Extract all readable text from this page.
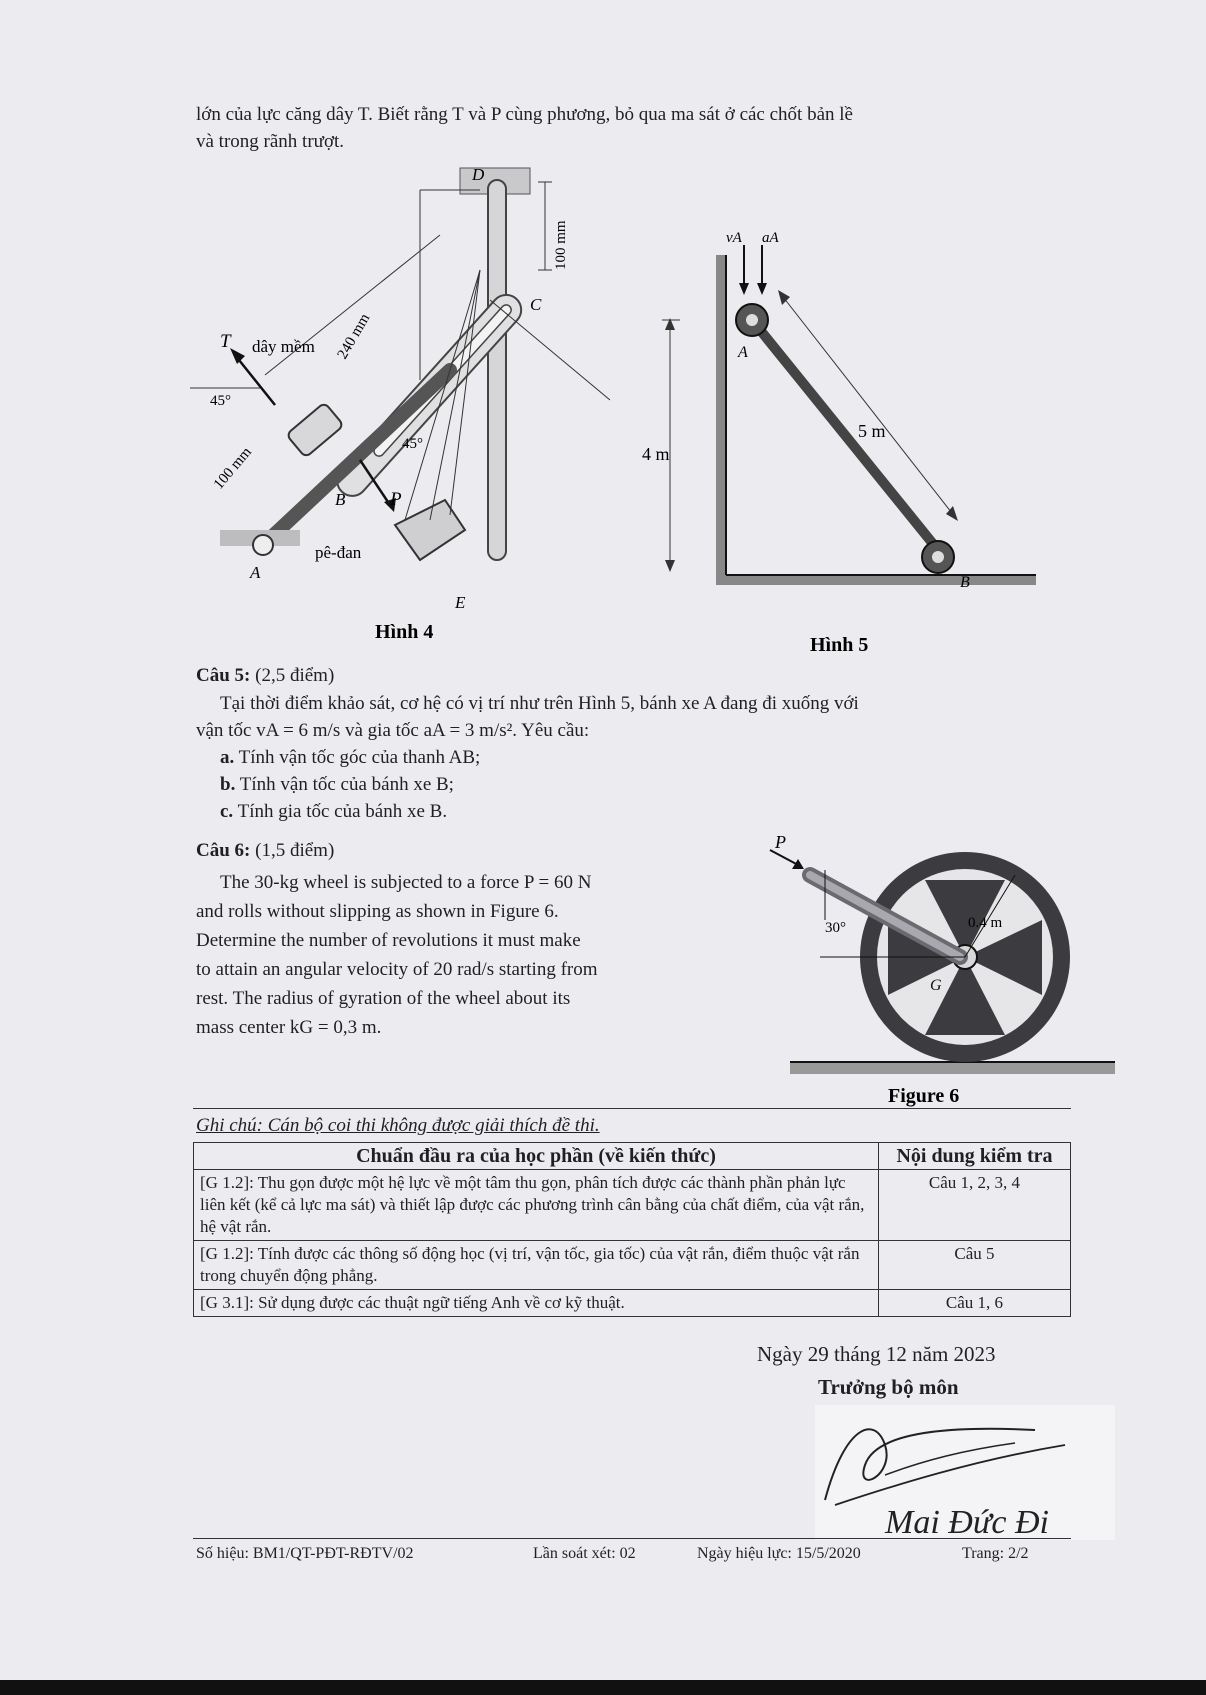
lớn của lực căng dây T. Biết rằng T và P cùng phương, bỏ qua ma sát ở các chốt bản lề
và trong rãnh trượt.
D
C
B
A
E
T dây mềm
45°
45°
P
pê-đan
240 mm
100 mm
100 mm
Hình 4
vA aA
A
B
4 m
5 m
Hình 5
Câu 5: (2,5 điểm)
Tại thời điểm khảo sát, cơ hệ có vị trí như trên Hình 5, bánh xe A đang đi xuống với
vận tốc vA = 6 m/s và gia tốc aA = 3 m/s². Yêu cầu:
a. Tính vận tốc góc của thanh AB;
b. Tính vận tốc của bánh xe B;
c. Tính gia tốc của bánh xe B.
Câu 6: (1,5 điểm)
The 30-kg wheel is subjected to a force P = 60 N
and rolls without slipping as shown in Figure 6.
Determine the number of revolutions it must make
to attain an angular velocity of 20 rad/s starting from
rest. The radius of gyration of the wheel about its
mass center kG = 0,3 m.
P
30°	0.4 m
G
Figure 6
Ghi chú: Cán bộ coi thi không được giải thích đề thi.
Chuẩn đầu ra của học phần (về kiến thức)	Nội dung kiểm tra
[G 1.2]: Thu gọn được một hệ lực về một tâm thu gọn, phân tích được các thành phần phản lực liên kết (kể cả lực ma sát) và thiết lập được các phương trình cân bằng của chất điểm, của vật rắn, hệ vật rắn.	Câu 1, 2, 3, 4
[G 1.2]: Tính được các thông số động học (vị trí, vận tốc, gia tốc) của vật rắn, điểm thuộc vật rắn trong chuyển động phẳng.	Câu 5
[G 3.1]: Sử dụng được các thuật ngữ tiếng Anh về cơ kỹ thuật.	Câu 1, 6
Ngày 29 tháng 12 năm 2023
Trưởng bộ môn
Mai Đức Đi
Số hiệu: BM1/QT-PĐT-RĐTV/02	Lần soát xét: 02	Ngày hiệu lực: 15/5/2020	Trang: 2/2
